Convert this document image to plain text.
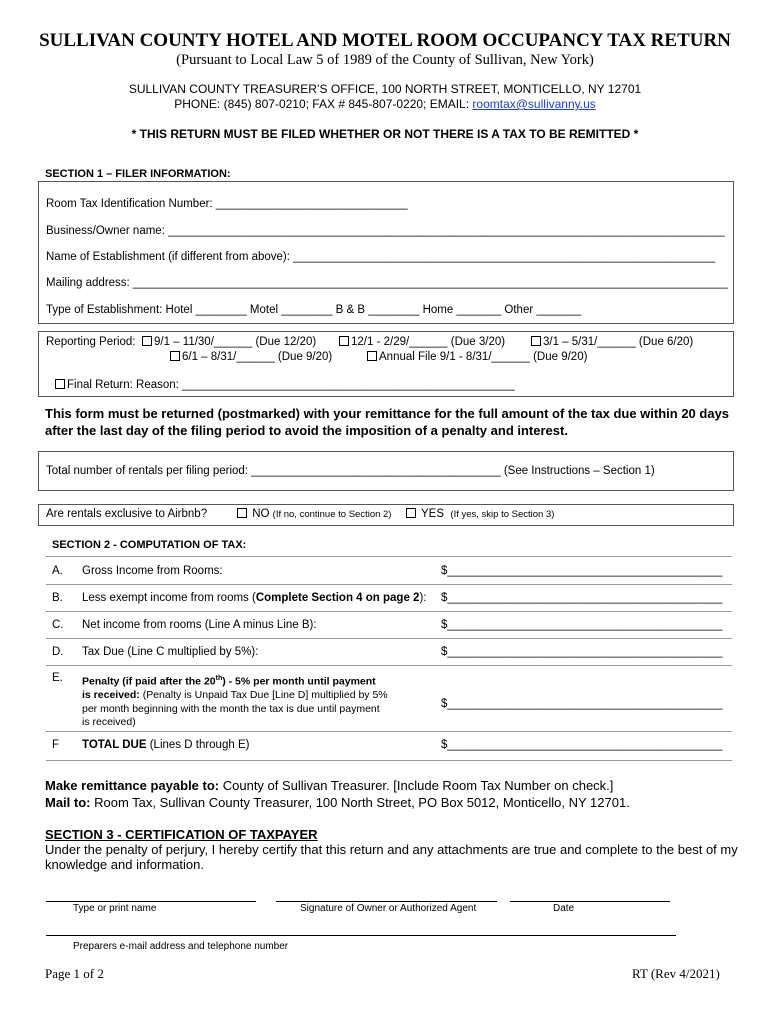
SULLIVAN COUNTY HOTEL AND MOTEL ROOM OCCUPANCY TAX RETURN
(Pursuant to Local Law 5 of 1989 of the County of Sullivan, New York)
SULLIVAN COUNTY TREASURER’S OFFICE, 100 NORTH STREET, MONTICELLO, NY 12701
PHONE: (845) 807-0210; FAX # 845-807-0220; EMAIL: roomtax@sullivanny.us
* THIS RETURN MUST BE FILED WHETHER OR NOT THERE IS A TAX TO BE REMITTED *
SECTION 1 – FILER INFORMATION:
Room Tax Identification Number: ______________________________
Business/Owner name: _______________________________________________________________________________________
Name of Establishment (if different from above): __________________________________________________________________
Mailing address: _____________________________________________________________________________________________
Type of Establishment: Hotel ________ Motel ________ B & B ________ Home _______ Other _______
Reporting Period:	9/1 – 11/30/______ (Due 12/20)	12/1 - 2/29/______ (Due 3/20)	3/1 – 5/31/______ (Due 6/20)
6/1 – 8/31/______ (Due 9/20)	Annual File 9/1 - 8/31/______ (Due 9/20)
Final Return: Reason: ____________________________________________________
This form must be returned (postmarked) with your remittance for the full amount of the tax due within 20 days
after the last day of the filing period to avoid the imposition of a penalty and interest.
Total number of rentals per filing period: _______________________________________ (See Instructions – Section 1)
Are rentals exclusive to Airbnb?	NO (If no, continue to Section 2)	YES (If yes, skip to Section 3)
SECTION 2 - COMPUTATION OF TAX:
A. Gross Income from Rooms:	$___________________________________________
B. Less exempt income from rooms (Complete Section 4 on page 2): $___________________________________________
C. Net income from rooms (Line A minus Line B):	$___________________________________________
D. Tax Due (Line C multiplied by 5%):	$___________________________________________
E. Penalty (if paid after the 20th) - 5% per month until payment
is received: (Penalty is Unpaid Tax Due [Line D] multiplied by 5%
per month beginning with the month the tax is due until payment
is received)
$___________________________________________
F TOTAL DUE (Lines D through E)	$___________________________________________
Make remittance payable to: County of Sullivan Treasurer. [Include Room Tax Number on check.]
Mail to: Room Tax, Sullivan County Treasurer, 100 North Street, PO Box 5012, Monticello, NY 12701.
SECTION 3 - CERTIFICATION OF TAXPAYER
Under the penalty of perjury, I hereby certify that this return and any attachments are true and complete to the best of my
knowledge and information.
Type or print name	Signature of Owner or Authorized Agent	Date
Preparers e-mail address and telephone number
Page 1 of 2	RT (Rev 4/2021)
